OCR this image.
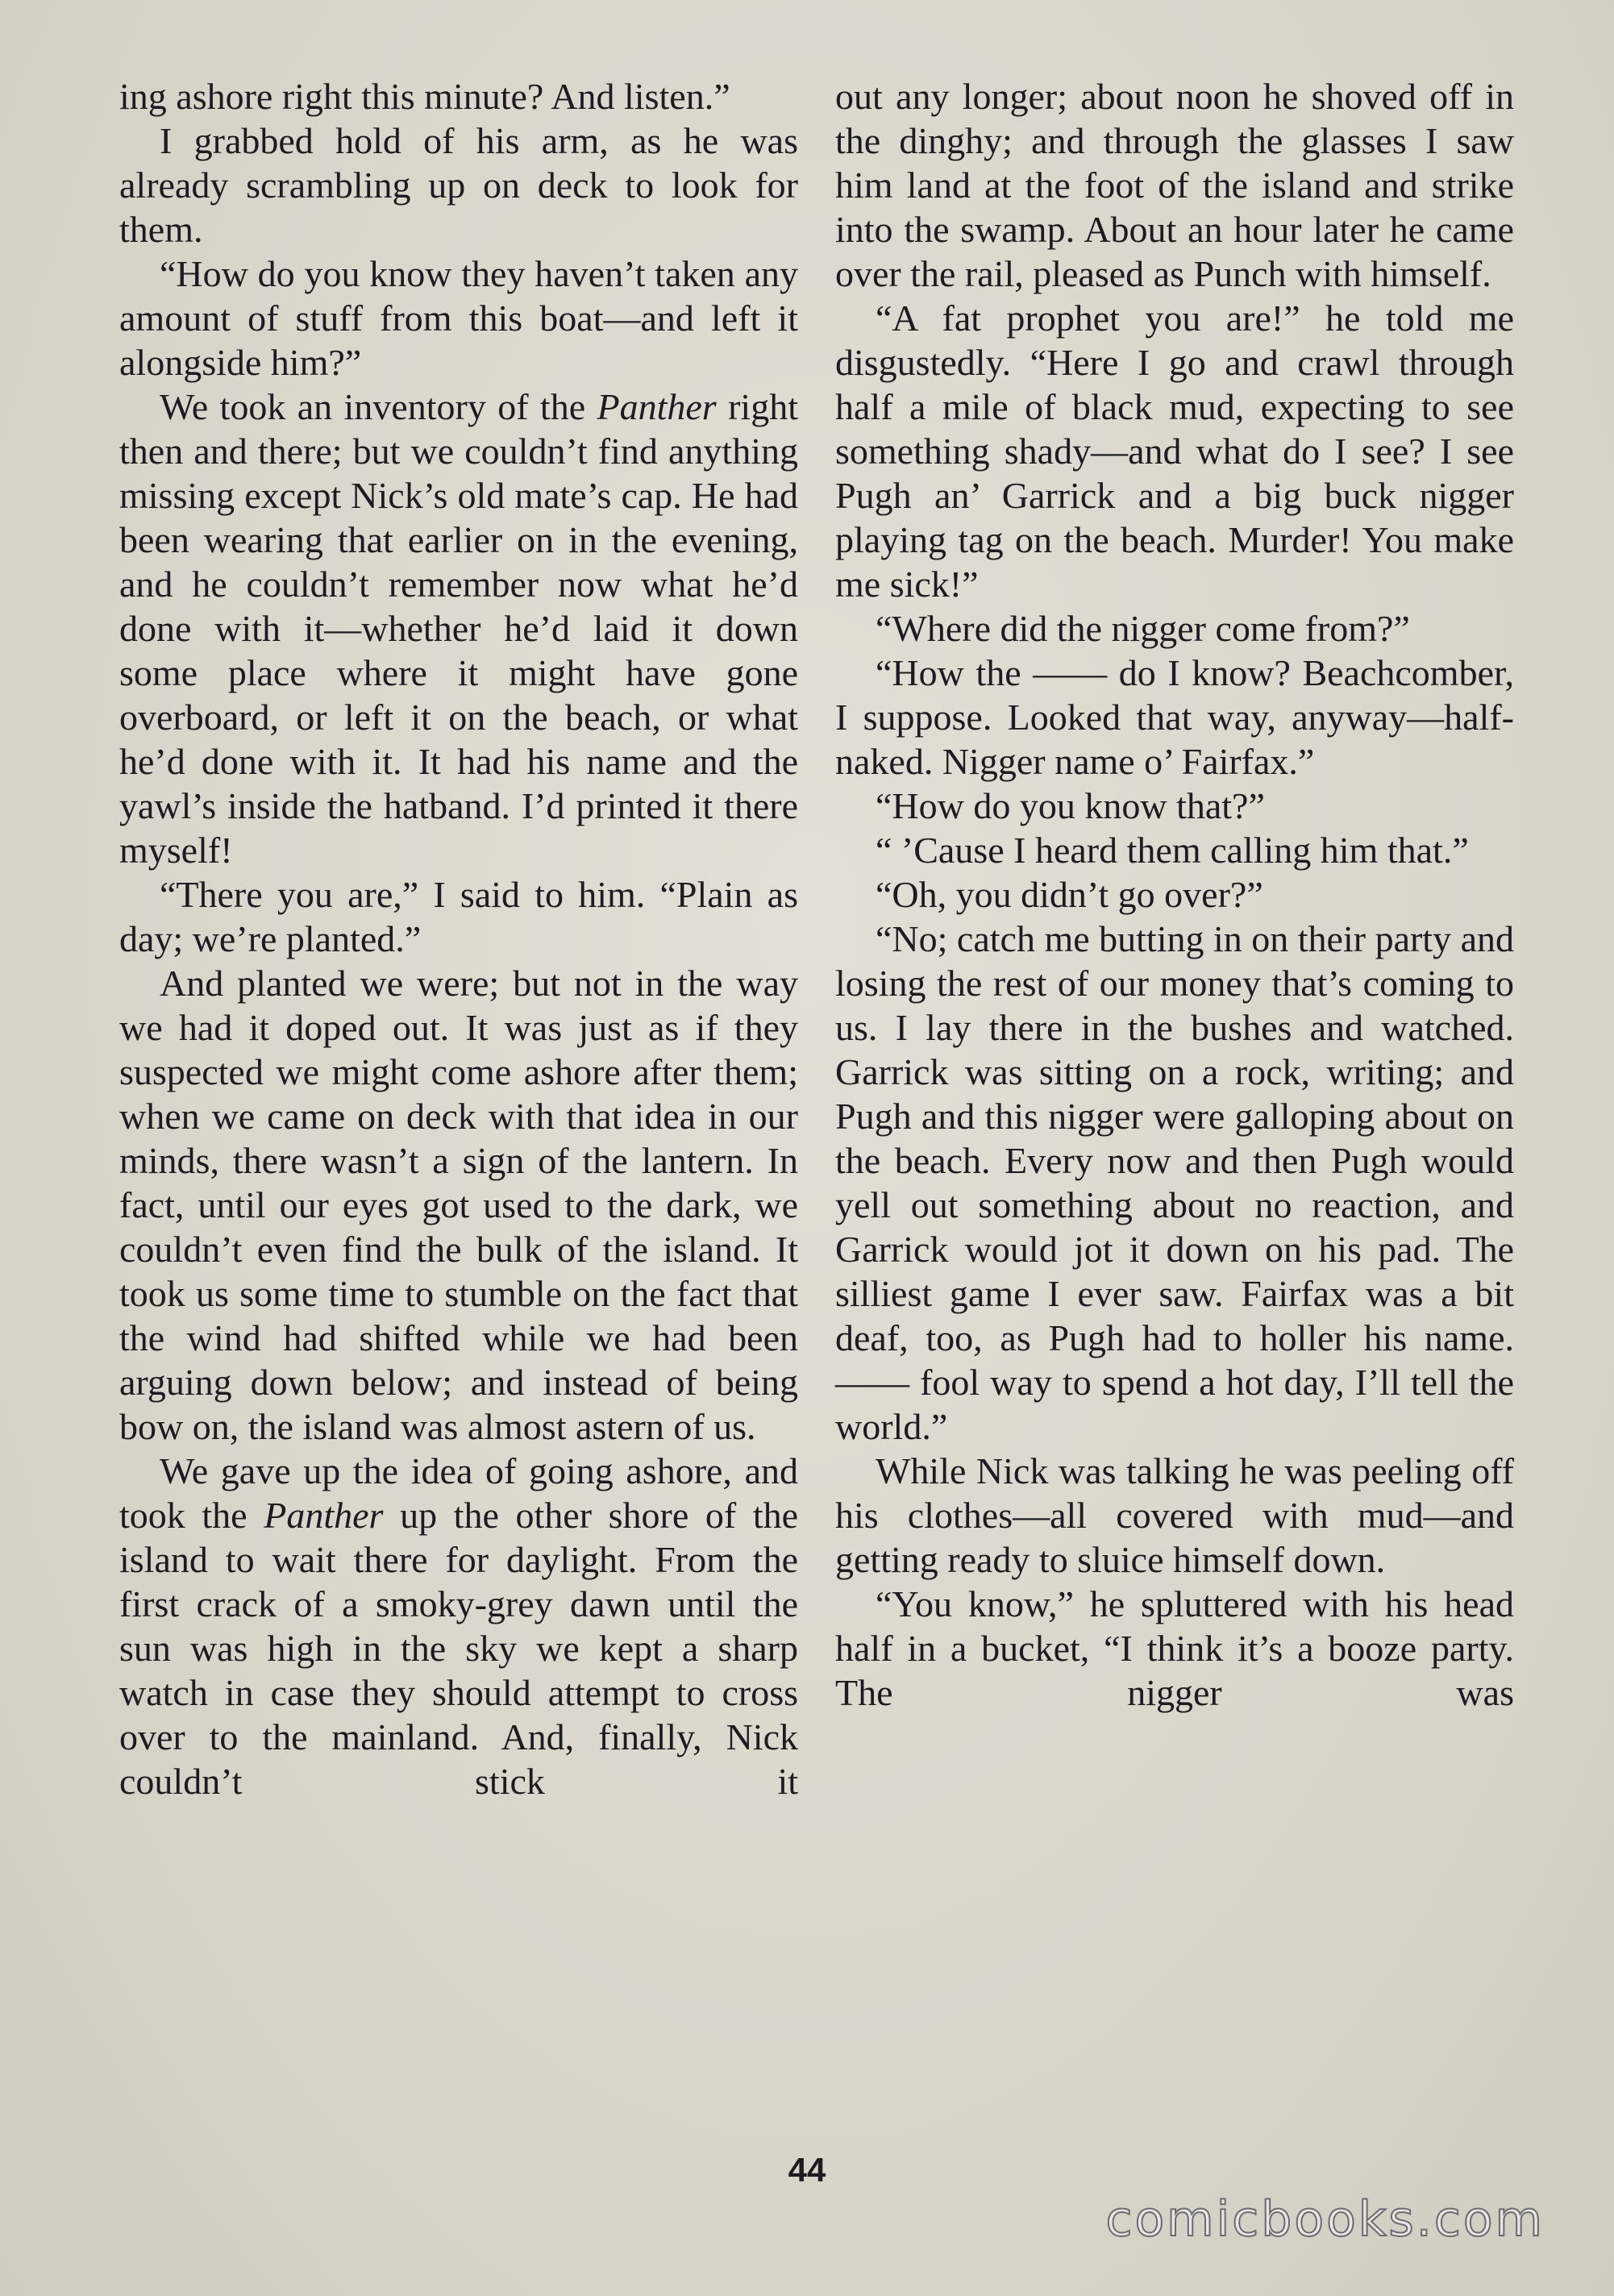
ing ashore right this minute? And listen.”

I grabbed hold of his arm, as he was already scrambling up on deck to look for them.

“How do you know they haven’t taken any amount of stuff from this boat—and left it alongside him?”

We took an inventory of the Panther right then and there; but we couldn’t find anything missing except Nick’s old mate’s cap. He had been wearing that earlier on in the evening, and he couldn’t remember now what he’d done with it—whether he’d laid it down some place where it might have gone overboard, or left it on the beach, or what he’d done with it. It had his name and the yawl’s inside the hatband. I’d printed it there myself!

“There you are,” I said to him. “Plain as day; we’re planted.”

And planted we were; but not in the way we had it doped out. It was just as if they suspected we might come ashore after them; when we came on deck with that idea in our minds, there wasn’t a sign of the lantern. In fact, until our eyes got used to the dark, we couldn’t even find the bulk of the island. It took us some time to stumble on the fact that the wind had shifted while we had been arguing down below; and instead of being bow on, the island was almost astern of us.

We gave up the idea of going ashore, and took the Panther up the other shore of the island to wait there for daylight. From the first crack of a smoky-grey dawn until the sun was high in the sky we kept a sharp watch in case they should attempt to cross over to the mainland. And, finally, Nick couldn’t stick it

out any longer; about noon he shoved off in the dinghy; and through the glasses I saw him land at the foot of the island and strike into the swamp. About an hour later he came over the rail, pleased as Punch with himself.

“A fat prophet you are!” he told me disgustedly. “Here I go and crawl through half a mile of black mud, expecting to see something shady—and what do I see? I see Pugh an’ Garrick and a big buck nigger playing tag on the beach. Murder! You make me sick!”

“Where did the nigger come from?”

“How the —— do I know? Beachcomber, I suppose. Looked that way, anyway—half-naked. Nigger name o’ Fairfax.”

“How do you know that?”

“ ’Cause I heard them calling him that.”

“Oh, you didn’t go over?”

“No; catch me butting in on their party and losing the rest of our money that’s coming to us. I lay there in the bushes and watched. Garrick was sitting on a rock, writing; and Pugh and this nigger were galloping about on the beach. Every now and then Pugh would yell out something about no reaction, and Garrick would jot it down on his pad. The silliest game I ever saw. Fairfax was a bit deaf, too, as Pugh had to holler his name. —— fool way to spend a hot day, I’ll tell the world.”

While Nick was talking he was peeling off his clothes—all covered with mud—and getting ready to sluice himself down.

“You know,” he spluttered with his head half in a bucket, “I think it’s a booze party. The nigger was

44
comicbooks.com
